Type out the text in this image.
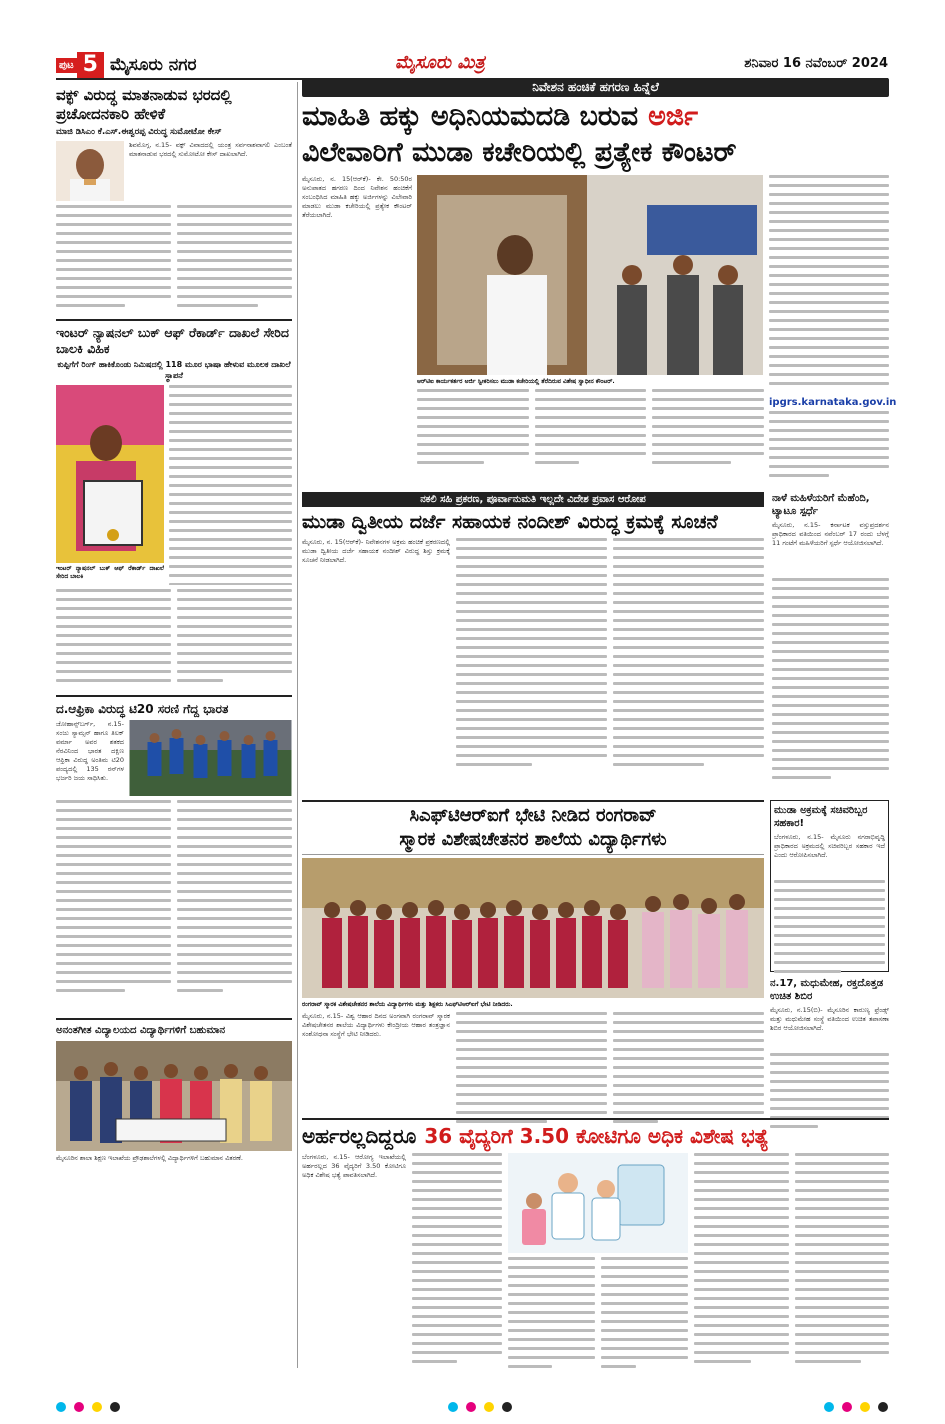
ಪುಟ 5 ಮೈಸೂರು ನಗರ	ಮೈಸೂರು ಮಿತ್ರ	ಶನಿವಾರ 16 ನವೆಂಬರ್ 2024
ವಕ್ಫ್ ವಿರುದ್ಧ ಮಾತನಾಡುವ ಭರದಲ್ಲಿ ಪ್ರಚೋದನಕಾರಿ ಹೇಳಿಕೆ
ಮಾಜಿ ಡಿಸಿಎಂ ಕೆ.ಎಸ್.ಈಶ್ವರಪ್ಪ ವಿರುದ್ಧ ಸುಮೋಟೋ ಕೇಸ್
ಶಿವಮೊಗ್ಗ, ನ.15- ವಕ್ಫ್ ವಿವಾದದಲ್ಲಿ ಯಂತ್ರ ಸರ್ವನಾಶವಾಗಲಿ ಎಂಬಂತೆ ಮಾತನಾಡುವ ಭರದಲ್ಲಿ ಸುಮೋಟೋ ಕೇಸ್ ದಾಖಲಾಗಿದೆ.
ಇಂಟರ್ ನ್ಯಾಷನಲ್ ಬುಕ್ ಆಫ್ ರೆಕಾರ್ಡ್ ದಾಖಲೆ ಸೇರಿದ ಬಾಲಕಿ ವಿಹಿಕ
ಕುಪ್ಪಿಗೆಗೆ ರಿಂಗ್ ಹಾಕಿಕೊಂಡು ನಿಮಿಷದಲ್ಲಿ 118 ಮೂರ ಭಾಷಾ ಹೇಳುವ ಮೂಲಕ ದಾಖಲೆ ಸ್ಥಾಪನೆ
ಇಂಟರ್ ನ್ಯಾಷನಲ್ ಬುಕ್ ಆಫ್ ರೆಕಾರ್ಡ್ ದಾಖಲೆ ಸೇರಿದ ಬಾಲಕಿ
ದ.ಆಫ್ರಿಕಾ ವಿರುದ್ಧ ಟಿ20 ಸರಣಿ ಗೆದ್ದ ಭಾರತ
ಜೋಹಾನ್ಸ್‌ಬರ್ಗ್, ನ.15- ಸಂಜು ಸ್ಯಾಮ್ಸನ್ ಹಾಗೂ ತಿಲಕ್ ವರ್ಮಾ ಅವರ ಶತಕದ ನೆರವಿನಿಂದ ಭಾರತ ದಕ್ಷಿಣ ಆಫ್ರಿಕಾ ವಿರುದ್ಧ ಅಂತಿಮ ಟಿ20 ಪಂದ್ಯದಲ್ಲಿ 135 ರನ್‌ಗಳ ಭರ್ಜರಿ ಜಯ ಸಾಧಿಸಿತು.
ಅನಂತಗೀತ ವಿದ್ಯಾಲಯದ ವಿದ್ಯಾರ್ಥಿಗಳಿಗೆ ಬಹುಮಾನ
ಮೈಸೂರಿನ ಶಾಲಾ ಶಿಕ್ಷಣ ಇಲಾಖೆಯ ಪ್ರೌಢಶಾಲೆಗಳಲ್ಲಿ ವಿದ್ಯಾರ್ಥಿಗಳಿಗೆ ಬಹುಮಾನ ವಿತರಣೆ.
ನಿವೇಶನ ಹಂಚಿಕೆ ಹಗರಣ ಹಿನ್ನೆಲೆ
ಮಾಹಿತಿ ಹಕ್ಕು ಅಧಿನಿಯಮದಡಿ ಬರುವ ಅರ್ಜಿ
ವಿಲೇವಾರಿಗೆ ಮುಡಾ ಕಚೇರಿಯಲ್ಲಿ ಪ್ರತ್ಯೇಕ ಕೌಂಟರ್
ಮೈಸೂರು, ನ. 15(ಆರ್‌ಕೆ)- ಕೇ. 50:50ರ ಅನುಪಾತದ ಹಗರಣ ದಿಂದ ನಿವೇಶನ ಹಂಚಿಕೆಗೆ ಸಂಬಂಧಿಸಿದ ಮಾಹಿತಿ ಹಕ್ಕು ಅರ್ಜಿಗಳನ್ನು ವಿಲೇವಾರಿ ಮಾಡಲು ಮುಡಾ ಕಚೇರಿಯಲ್ಲಿ ಪ್ರತ್ಯೇಕ ಕೌಂಟರ್ ತೆರೆಯಲಾಗಿದೆ.
ಆರ್‌ಟಿಐ ಕಾರ್ಯಕರ್ತರ ಅರ್ಜಿ ಸ್ವೀಕರಿಸಲು ಮುಡಾ ಕಚೇರಿಯಲ್ಲಿ ತೆರೆದಿರುವ ವಿಶೇಷ ಸ್ವಾಧೀನ ಕೌಂಟರ್.
ipgrs.karnataka.gov.in
ನಕಲಿ ಸಹಿ ಪ್ರಕರಣ, ಪೂರ್ವಾನುಮತಿ ಇಲ್ಲದೇ ವಿದೇಶ ಪ್ರವಾಸ ಆರೋಪ
ಮುಡಾ ದ್ವಿತೀಯ ದರ್ಜೆ ಸಹಾಯಕ ನಂದೀಶ್ ವಿರುದ್ಧ ಕ್ರಮಕ್ಕೆ ಸೂಚನೆ
ಮೈಸೂರು, ನ. 15(ಆರ್‌ಕೆ)- ನಿವೇಶನಗಳ ಅಕ್ರಮ ಹಂಚಿಕೆ ಪ್ರಕರಣದಲ್ಲಿ ಮುಡಾ ದ್ವಿತೀಯ ದರ್ಜೆ ಸಹಾಯಕ ನಂದೀಶ್ ವಿರುದ್ಧ ಶಿಸ್ತು ಕ್ರಮಕ್ಕೆ ಸೂಚನೆ ನೀಡಲಾಗಿದೆ.
ನಾಳೆ ಮಹಿಳೆಯರಿಗೆ ಮೆಹೆಂದಿ, ಟ್ಯಾಟೂ ಸ್ಪರ್ಧೆ
ಮೈಸೂರು, ನ.15- ಕರ್ನಾಟಕ ವಸ್ತುಪ್ರದರ್ಶನ ಪ್ರಾಧಿಕಾರದ ವತಿಯಿಂದ ನವೆಂಬರ್ 17 ರಂದು ಬೆಳಗ್ಗೆ 11 ಗಂಟೆಗೆ ಮಹಿಳೆಯರಿಗೆ ಸ್ಪರ್ಧೆ ಆಯೋಜಿಸಲಾಗಿದೆ.
ಸಿಎಫ್‌ಟಿಆರ್‌ಐಗೆ ಭೇಟಿ ನೀಡಿದ ರಂಗರಾವ್
ಸ್ಮಾರಕ ವಿಶೇಷಚೇತನರ ಶಾಲೆಯ ವಿದ್ಯಾರ್ಥಿಗಳು
ರಂಗರಾವ್ ಸ್ಮಾರಕ ವಿಶೇಷಚೇತನರ ಶಾಲೆಯ ವಿದ್ಯಾರ್ಥಿಗಳು ಮತ್ತು ಶಿಕ್ಷಕರು ಸಿಎಫ್‌ಟಿಆರ್‌ಐಗೆ ಭೇಟಿ ನೀಡಿದರು.
ಮೈಸೂರು, ನ.15- ವಿಶ್ವ ಆಹಾರ ದಿನದ ಅಂಗವಾಗಿ ರಂಗರಾವ್ ಸ್ಮಾರಕ ವಿಶೇಷಚೇತನರ ಶಾಲೆಯ ವಿದ್ಯಾರ್ಥಿಗಳು ಕೇಂದ್ರೀಯ ಆಹಾರ ತಂತ್ರಜ್ಞಾನ ಸಂಶೋಧನಾ ಸಂಸ್ಥೆಗೆ ಭೇಟಿ ನೀಡಿದರು.
ಮುಡಾ ಅಕ್ರಮಕ್ಕೆ ಸಚಿವರಿಬ್ಬರ ಸಹಕಾರ!
ಬೆಂಗಳೂರು, ನ.15- ಮೈಸೂರು ನಗರಾಭಿವೃದ್ಧಿ ಪ್ರಾಧಿಕಾರದ ಅಕ್ರಮದಲ್ಲಿ ಸಚಿವರಿಬ್ಬರ ಸಹಕಾರ ಇದೆ ಎಂದು ಆರೋಪಿಸಲಾಗಿದೆ.
ನ.17, ಮಧುಮೇಹ, ರಕ್ತದೊತ್ತಡ ಉಚಿತ ಶಿಬಿರ
ಮೈಸೂರು, ನ.15(ಬಿ)- ಮೈಸೂರಿನ ಕಾರುಣ್ಯ ಫ್ರೆಂಡ್ಸ್ ಮತ್ತು ಮಧುಮೇಹ ಸಂಸ್ಥೆ ವತಿಯಿಂದ ಉಚಿತ ತಪಾಸಣಾ ಶಿಬಿರ ಆಯೋಜಿಸಲಾಗಿದೆ.
ಅರ್ಹರಲ್ಲದಿದ್ದರೂ 36 ವೈದ್ಯರಿಗೆ 3.50 ಕೋಟಿಗೂ ಅಧಿಕ ವಿಶೇಷ ಭತ್ಯೆ
ಬೆಂಗಳೂರು, ನ.15- ಆರೋಗ್ಯ ಇಲಾಖೆಯಲ್ಲಿ ಅರ್ಹರಲ್ಲದ 36 ವೈದ್ಯರಿಗೆ 3.50 ಕೋಟಿಗೂ ಅಧಿಕ ವಿಶೇಷ ಭತ್ಯೆ ಪಾವತಿಸಲಾಗಿದೆ.
